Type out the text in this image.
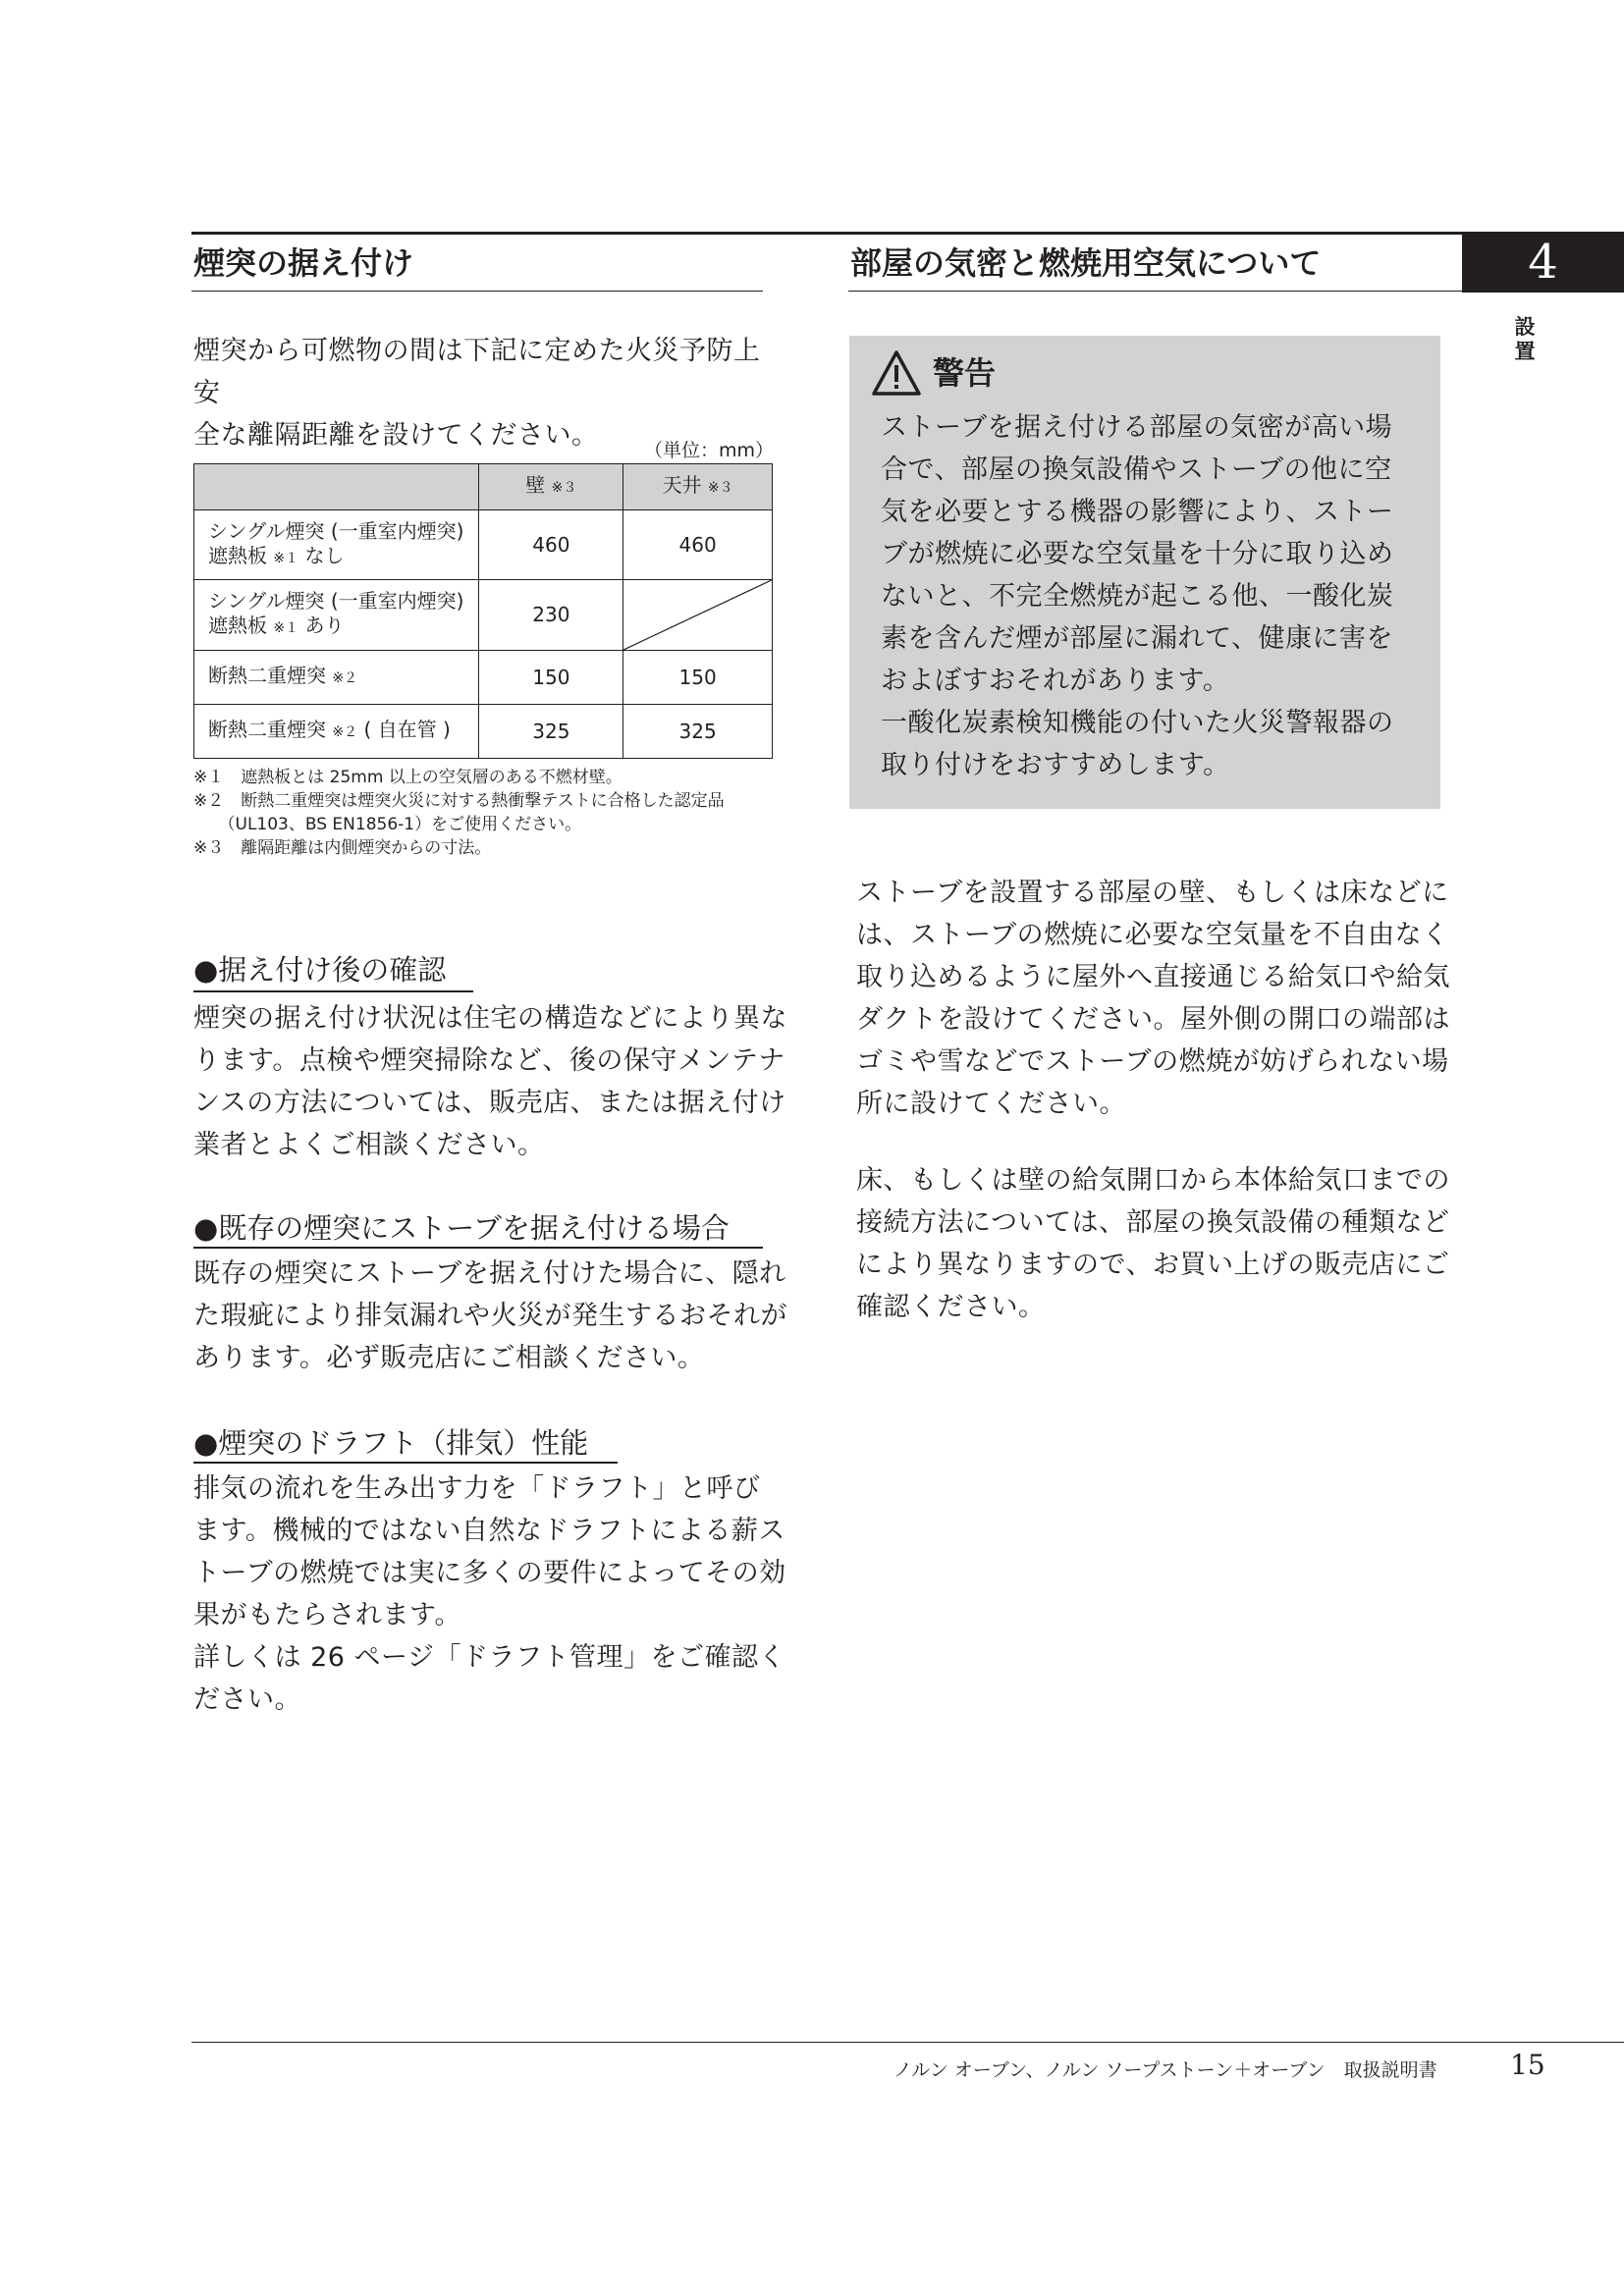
煙突の据え付け	部屋の気密と燃焼用空気について	4
設置
煙突から可燃物の間は下記に定めた火災予防上安
全な離隔距離を設けてください。	（単位：mm）
	壁 ※３	天井 ※３

シングル煙突 (一重室内煙突)
遮熱板 ※１ なし	460	460

シングル煙突 (一重室内煙突)
遮熱板 ※１ あり	230	

断熱二重煙突 ※２	150	150
断熱二重煙突 ※２ ( 自在管 )	325	325
※１　遮熱板とは 25mm 以上の空気層のある不燃材壁。
※２　断熱二重煙突は煙突火災に対する熱衝撃テストに合格した認定品
　　（UL103、BS EN1856-1）をご使用ください。
※３　離隔距離は内側煙突からの寸法。
●据え付け後の確認
煙突の据え付け状況は住宅の構造などにより異な
ります。点検や煙突掃除など、後の保守メンテナ
ンスの方法については、販売店、または据え付け
業者とよくご相談ください。
●既存の煙突にストーブを据え付ける場合
既存の煙突にストーブを据え付けた場合に、隠れ
た瑕疵により排気漏れや火災が発生するおそれが
あります。必ず販売店にご相談ください。
●煙突のドラフト（排気）性能
排気の流れを生み出す力を「ドラフト」と呼び
ます。機械的ではない自然なドラフトによる薪ス
トーブの燃焼では実に多くの要件によってその効
果がもたらされます。
詳しくは 26 ページ「ドラフト管理」をご確認く
ださい。
警告
ストーブを据え付ける部屋の気密が高い場
合で、部屋の換気設備やストーブの他に空
気を必要とする機器の影響により、ストー
ブが燃焼に必要な空気量を十分に取り込め
ないと、不完全燃焼が起こる他、一酸化炭
素を含んだ煙が部屋に漏れて、健康に害を
およぼすおそれがあります。
一酸化炭素検知機能の付いた火災警報器の
取り付けをおすすめします。
ストーブを設置する部屋の壁、もしくは床などに
は、ストーブの燃焼に必要な空気量を不自由なく
取り込めるように屋外へ直接通じる給気口や給気
ダクトを設けてください。屋外側の開口の端部は
ゴミや雪などでストーブの燃焼が妨げられない場
所に設けてください。
床、もしくは壁の給気開口から本体給気口までの
接続方法については、部屋の換気設備の種類など
により異なりますので、お買い上げの販売店にご
確認ください。
ノルン オーブン、ノルン ソープストーン＋オーブン　取扱説明書	15
